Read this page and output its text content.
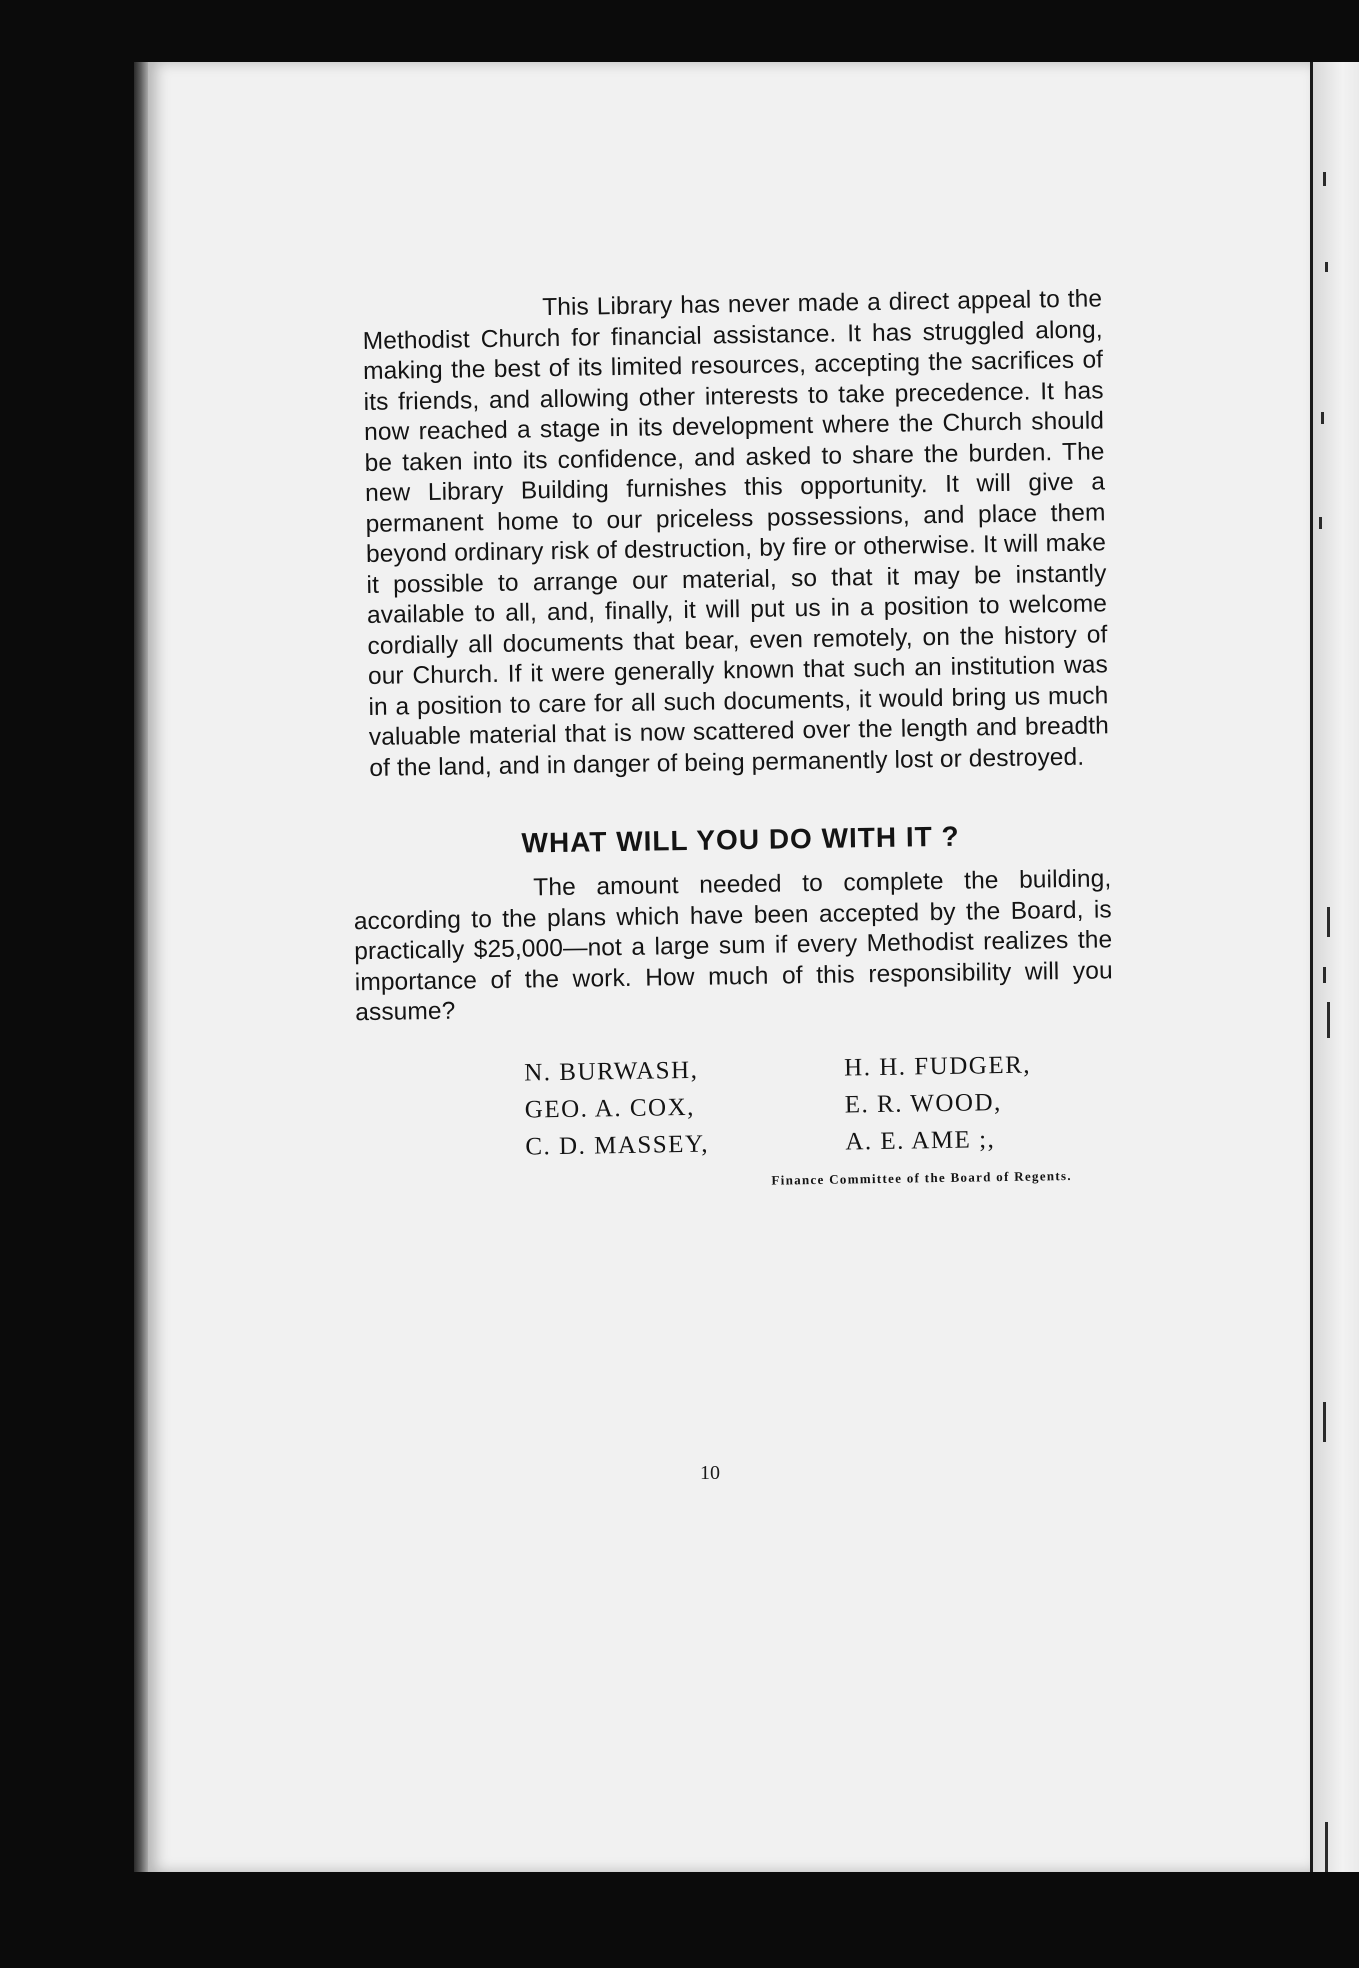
This Library has never made a direct appeal to the Methodist Church for financial assistance. It has struggled along, making the best of its limited resources, accepting the sacrifices of its friends, and allowing other interests to take precedence. It has now reached a stage in its development where the Church should be taken into its confidence, and asked to share the burden. The new Library Building furnishes this opportunity. It will give a permanent home to our priceless possessions, and place them beyond ordinary risk of destruction, by fire or otherwise. It will make it possible to arrange our material, so that it may be instantly available to all, and, finally, it will put us in a position to welcome cordially all documents that bear, even remotely, on the history of our Church. If it were generally known that such an institution was in a position to care for all such documents, it would bring us much valuable material that is now scattered over the length and breadth of the land, and in danger of being permanently lost or destroyed.

WHAT WILL YOU DO WITH IT ?

The amount needed to complete the building, according to the plans which have been accepted by the Board, is practically $25,000—not a large sum if every Methodist realizes the importance of the work. How much of this responsibility will you assume?

N. BURWASH,	H. H. FUDGER,
GEO. A. COX,	E. R. WOOD,
C. D. MASSEY,	A. E. AME ;,
Finance Committee of the Board of Regents.
10
